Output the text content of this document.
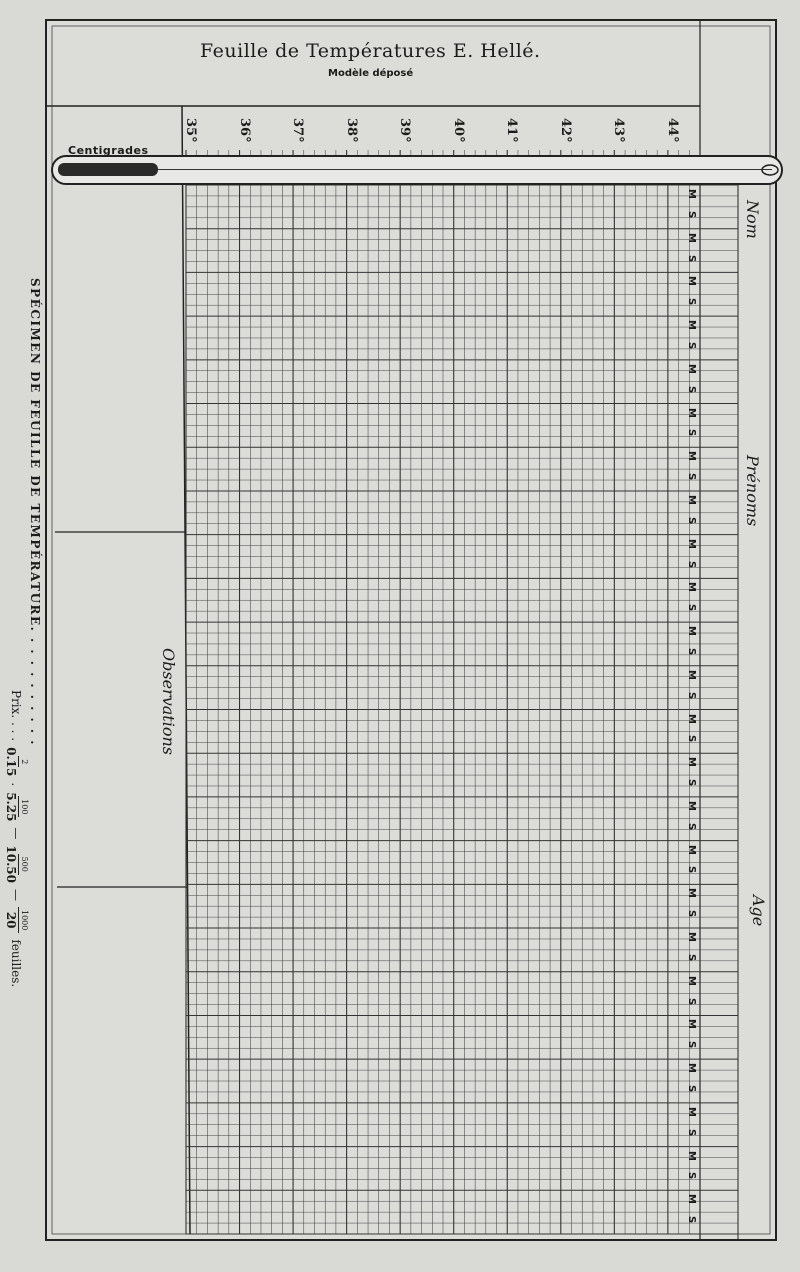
Feuille de Températures E. Hellé.
Modèle déposé
Centigrades
35°	36°	37°	38°	39°	40°	41°	42°	43°	44°
Nom
Prénoms
Age
Observations
M
S
M
S
M
S
M
S
M
S
M
S
M
S
M
S
M
S
M
S
M
S
M
S
M
S
M
S
M
S
M
S
M
S
M
S
M
S
M
S
M
S
M
S
M
S
M
S
SPÉCIMEN DE FEUILLE DE TEMPÉRATURE. . . . . . . . . . .
Prix. . . .
2
0.15
.
100
5.25
—
500
10.50
—
1000
20
feuilles.
